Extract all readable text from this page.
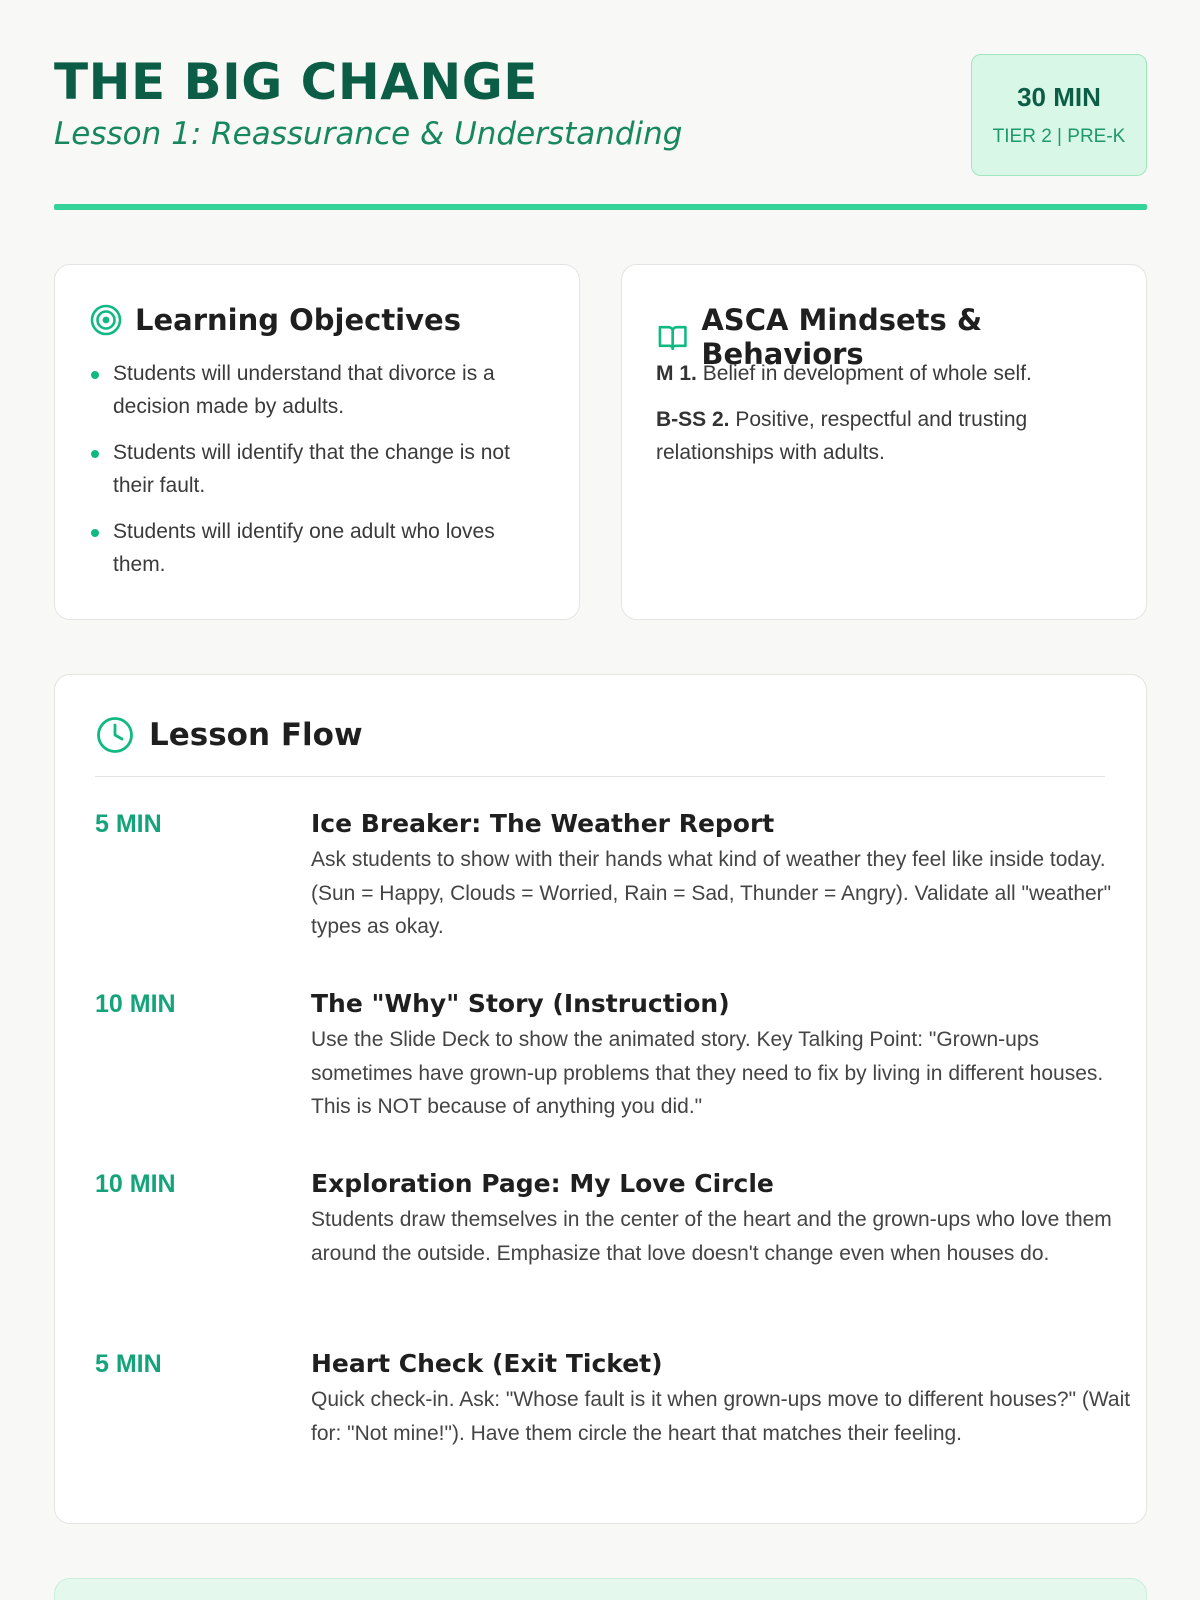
THE BIG CHANGE
Lesson 1: Reassurance & Understanding
30 MIN
TIER 2 | PRE-K
Learning Objectives
Students will understand that divorce is a decision made by adults.
Students will identify that the change is not their fault.
Students will identify one adult who loves them.
ASCA Mindsets & Behaviors

M 1. Belief in development of whole self.

B-SS 2. Positive, respectful and trusting relationships with adults.

Lesson Flow
5 MIN	Ice Breaker: The Weather Report
Ask students to show with their hands what kind of weather they feel like inside today. (Sun = Happy, Clouds = Worried, Rain = Sad, Thunder = Angry). Validate all "weather" types as okay.
10 MIN	The "Why" Story (Instruction)
Use the Slide Deck to show the animated story. Key Talking Point: "Grown-ups sometimes have grown-up problems that they need to fix by living in different houses. This is NOT because of anything you did."
10 MIN	Exploration Page: My Love Circle
Students draw themselves in the center of the heart and the grown-ups who love them around the outside. Emphasize that love doesn't change even when houses do.
5 MIN	Heart Check (Exit Ticket)
Quick check-in. Ask: "Whose fault is it when grown-ups move to different houses?" (Wait for: "Not mine!"). Have them circle the heart that matches their feeling.
